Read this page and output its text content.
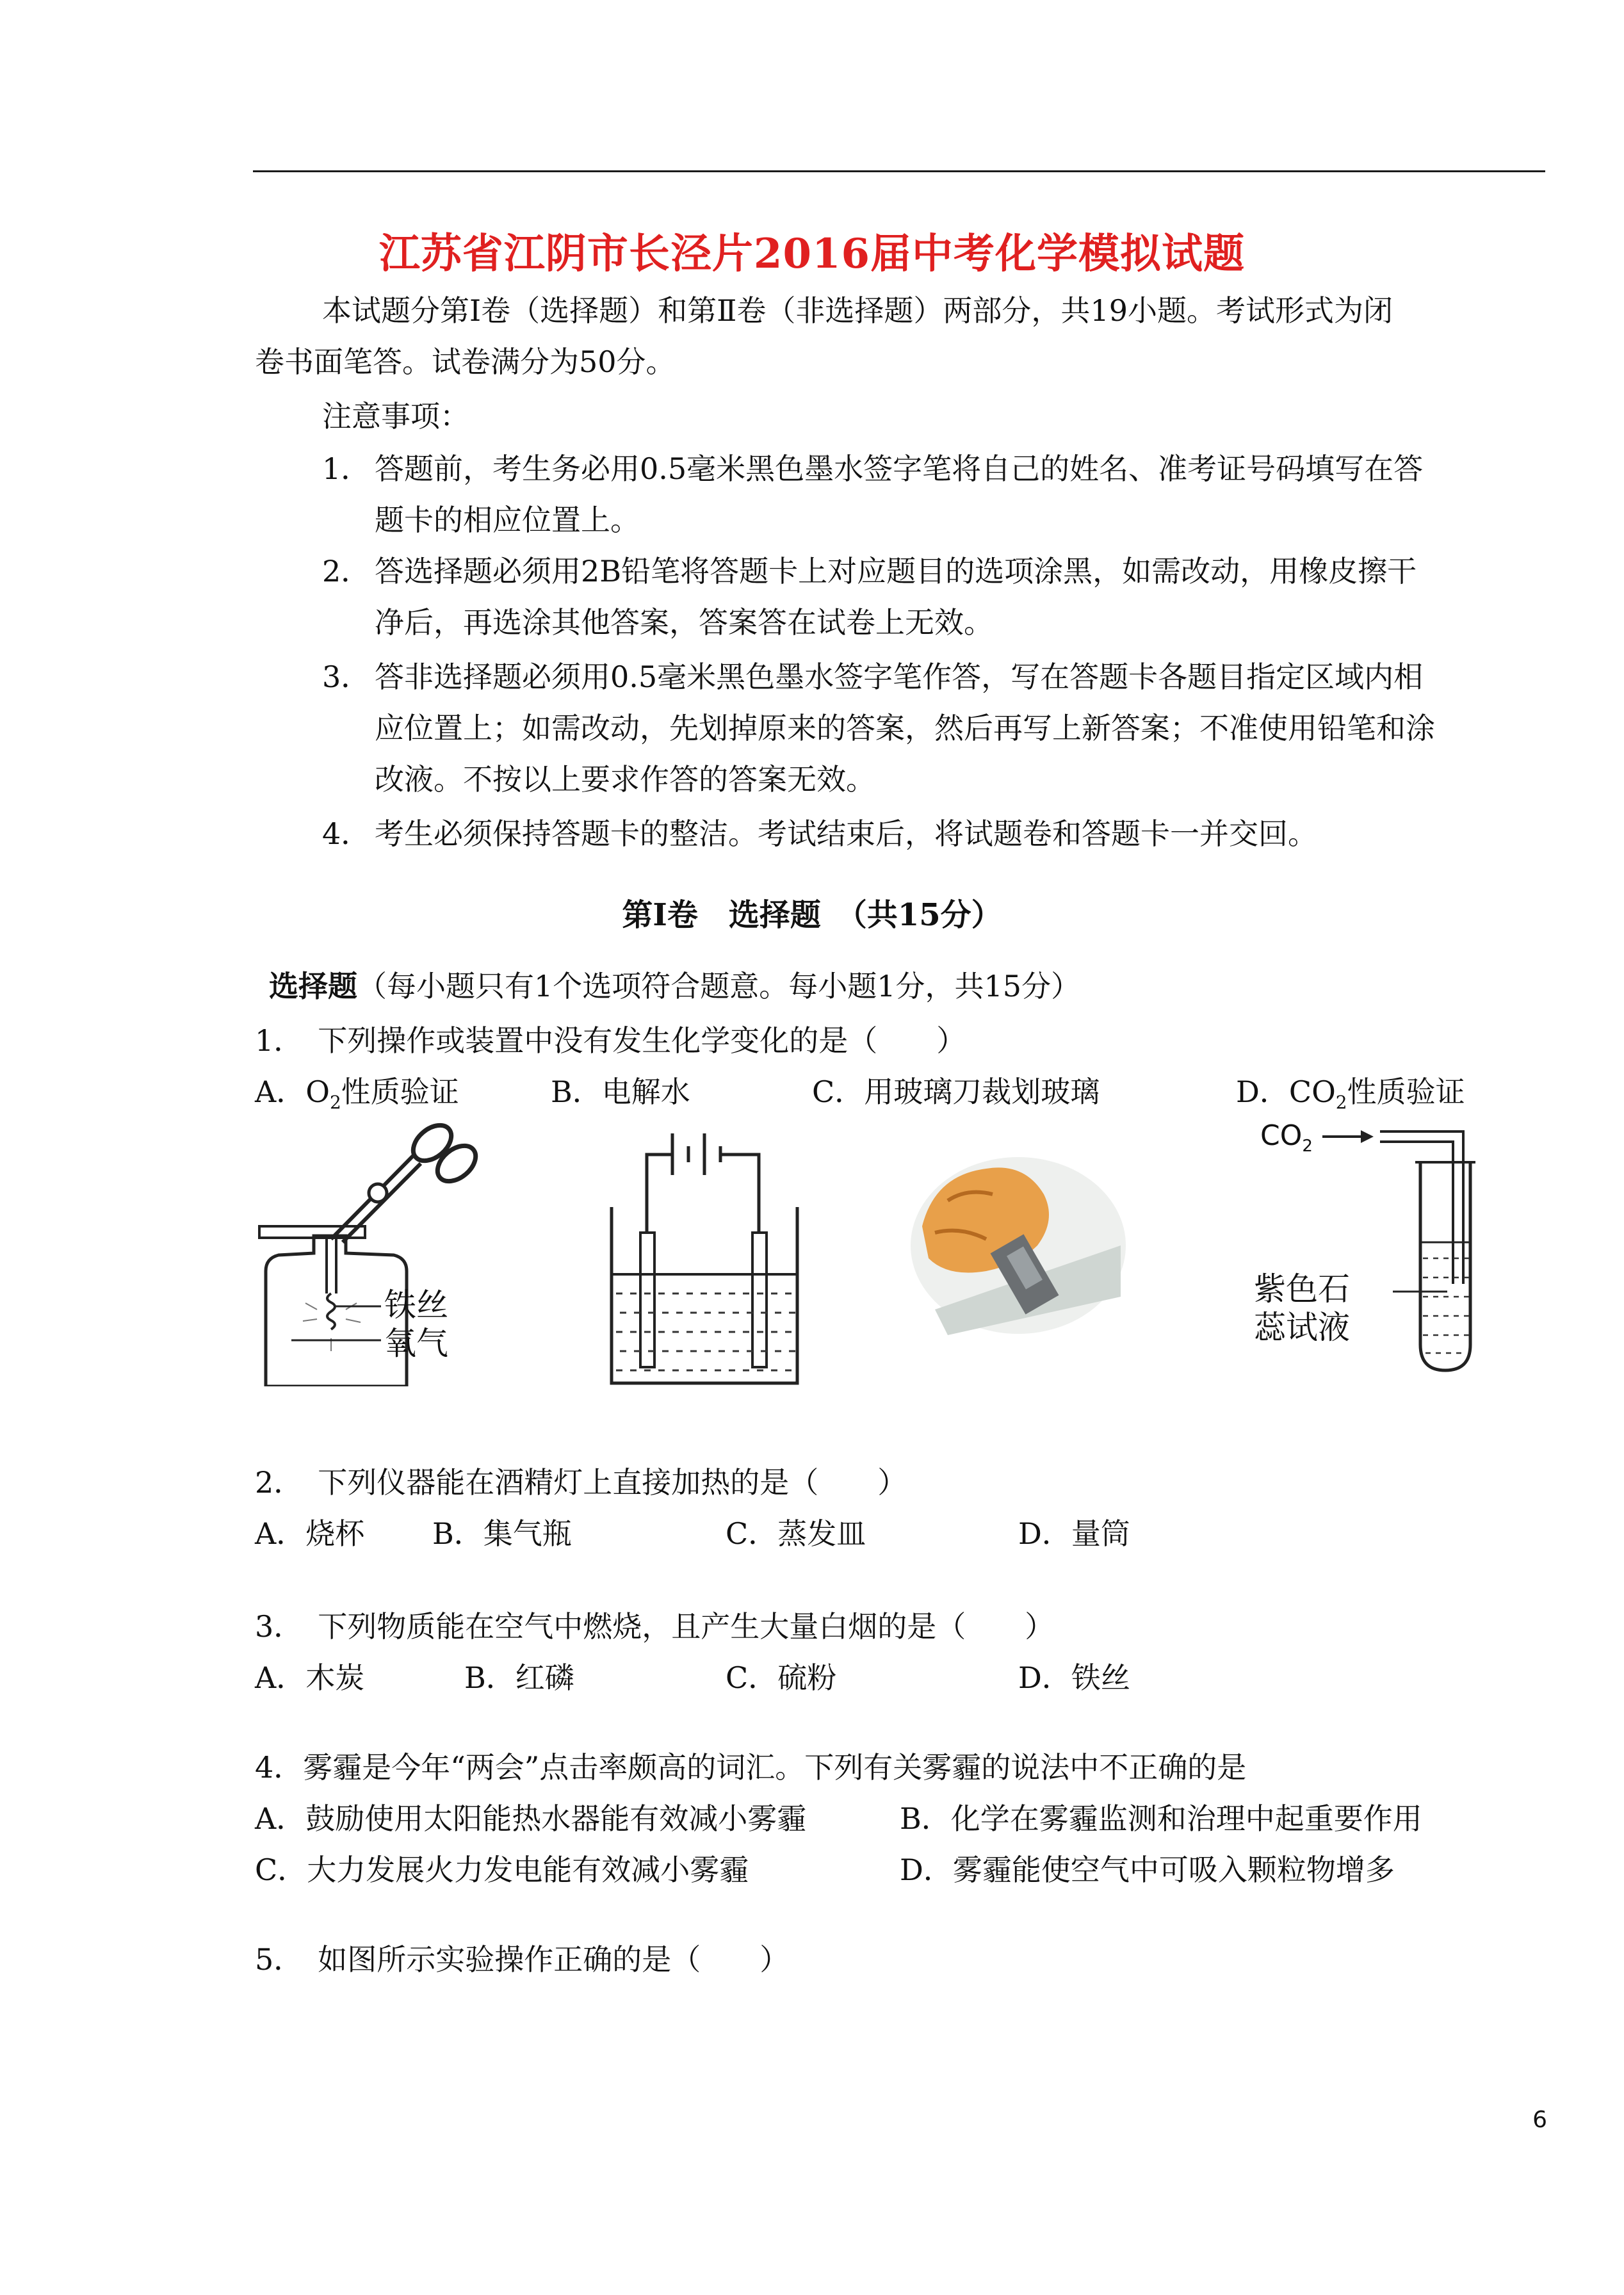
江苏省江阴市长泾片2016届中考化学模拟试题
本试题分第Ⅰ卷（选择题）和第Ⅱ卷（非选择题）两部分，共19小题。考试形式为闭
卷书面笔答。试卷满分为50分。
注意事项：
1． 答题前，考生务必用0.5毫米黑色墨水签字笔将自己的姓名、准考证号码填写在答
题卡的相应位置上。
2． 答选择题必须用2B铅笔将答题卡上对应题目的选项涂黑，如需改动，用橡皮擦干
净后，再选涂其他答案，答案答在试卷上无效。
3． 答非选择题必须用0.5毫米黑色墨水签字笔作答，写在答题卡各题目指定区域内相
应位置上；如需改动，先划掉原来的答案，然后再写上新答案；不准使用铅笔和涂
改液。不按以上要求作答的答案无效。
4． 考生必须保持答题卡的整洁。考试结束后，将试题卷和答题卡一并交回。
第Ⅰ卷　选择题　（共15分）
选择题（每小题只有1个选项符合题意。每小题1分，共15分）
1．　下列操作或装置中没有发生化学变化的是（　　）
A．$O_2$性质验证	B．电解水	C．用玻璃刀裁划玻璃	D．$CO_2$性质验证
铁丝
氧气
$CO_2$
紫色石
蕊试液
2．　下列仪器能在酒精灯上直接加热的是（　　）
A．烧杯 B．集气瓶	C．蒸发皿	D．量筒
3．　下列物质能在空气中燃烧，且产生大量白烟的是（　　）
A．木炭	B．红磷	C．硫粉	D．铁丝
4．雾霾是今年“两会”点击率颇高的词汇。下列有关雾霾的说法中不正确的是
A．鼓励使用太阳能热水器能有效减小雾霾	B．化学在雾霾监测和治理中起重要作用
C．大力发展火力发电能有效减小雾霾	D．雾霾能使空气中可吸入颗粒物增多
5．　如图所示实验操作正确的是（　　）
6
